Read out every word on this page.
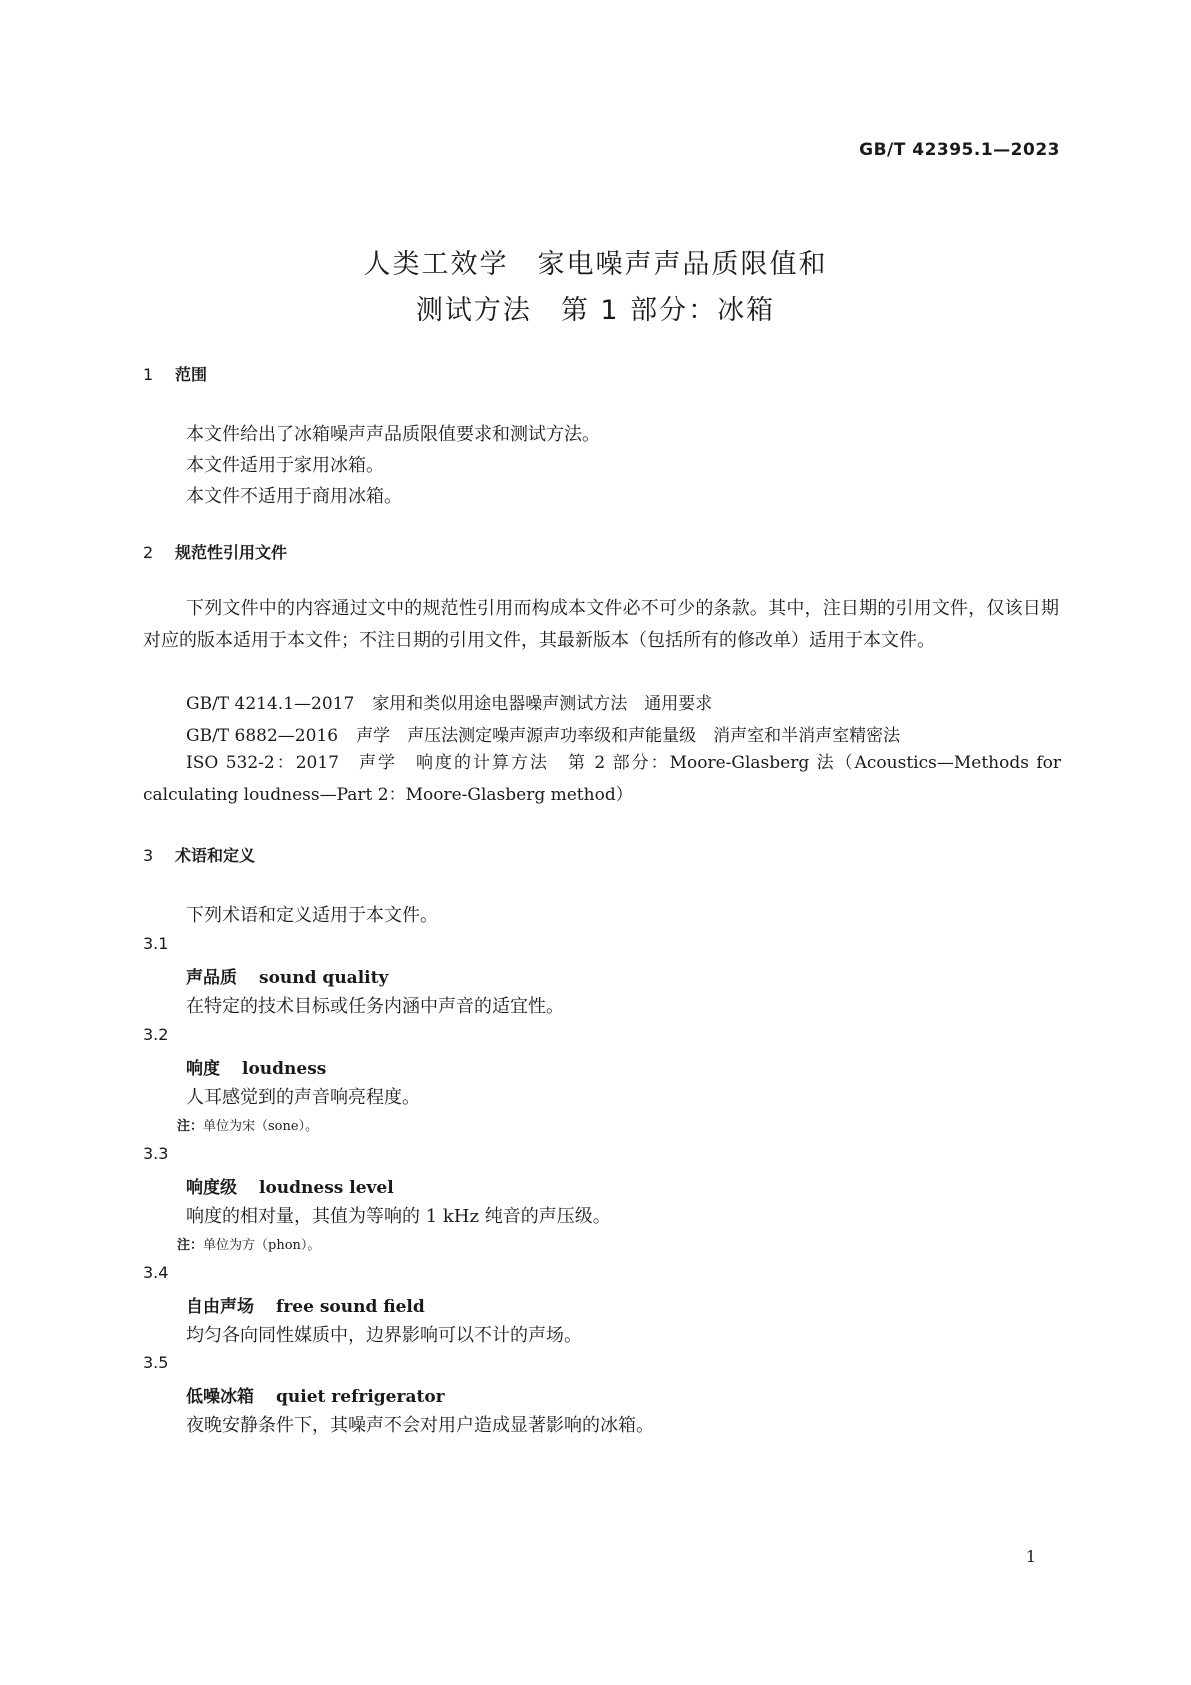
GB/T 42395.1—2023
人类工效学　家电噪声声品质限值和
测试方法　第 1 部分：冰箱
1 范围
本文件给出了冰箱噪声声品质限值要求和测试方法。
本文件适用于家用冰箱。
本文件不适用于商用冰箱。
2 规范性引用文件
下列文件中的内容通过文中的规范性引用而构成本文件必不可少的条款。其中，注日期的引用文件，仅该日期对应的版本适用于本文件；不注日期的引用文件，其最新版本（包括所有的修改单）适用于本文件。
GB/T 4214.1—2017 家用和类似用途电器噪声测试方法　通用要求
GB/T 6882—2016 声学　声压法测定噪声源声功率级和声能量级　消声室和半消声室精密法
ISO 532-2：2017 声学　响度的计算方法　第 2 部分：Moore-Glasberg 法（Acoustics—Methods for calculating loudness—Part 2：Moore-Glasberg method）
3 术语和定义
下列术语和定义适用于本文件。
3.1
声品质 sound quality
在特定的技术目标或任务内涵中声音的适宜性。
3.2
响度 loudness
人耳感觉到的声音响亮程度。
注：单位为宋（sone）。
3.3
响度级 loudness level
响度的相对量，其值为等响的 1 kHz 纯音的声压级。
注：单位为方（phon）。
3.4
自由声场 free sound field
均匀各向同性媒质中，边界影响可以不计的声场。
3.5
低噪冰箱 quiet refrigerator
夜晚安静条件下，其噪声不会对用户造成显著影响的冰箱。
1
